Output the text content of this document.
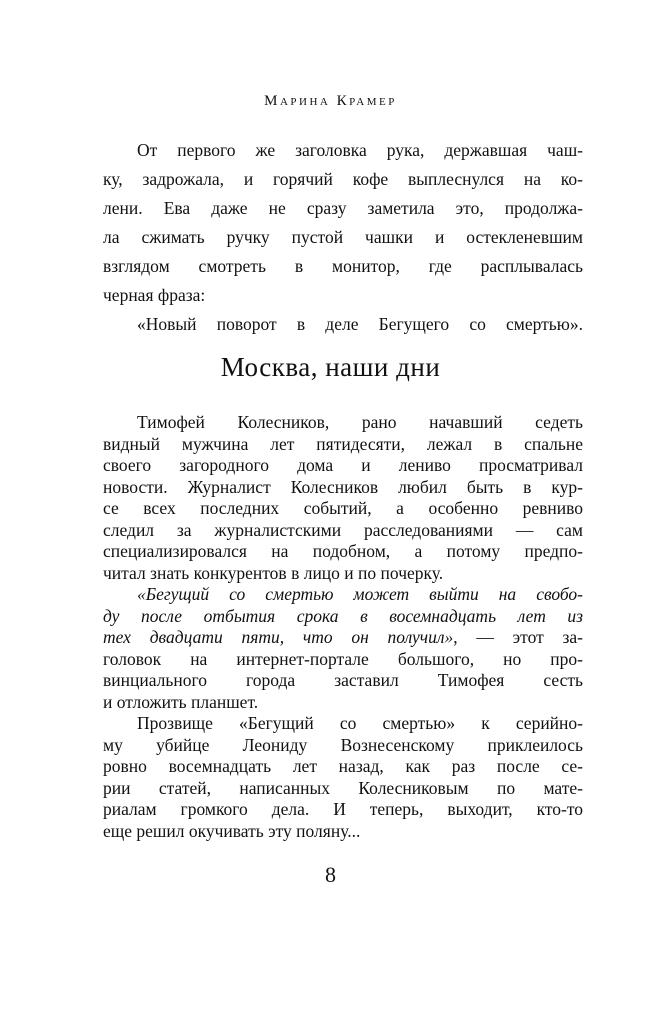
Марина Крамер
От первого же заголовка рука, державшая чаш-
ку, задрожала, и горячий кофе выплеснулся на ко-
лени. Ева даже не сразу заметила это, продолжа-
ла сжимать ручку пустой чашки и остекленевшим
взглядом смотреть в монитор, где расплывалась
черная фраза:
«Новый поворот в деле Бегущего со смертью».
Москва, наши дни
Тимофей Колесников, рано начавший седеть
видный мужчина лет пятидесяти, лежал в спальне
своего загородного дома и лениво просматривал
новости. Журналист Колесников любил быть в кур-
се всех последних событий, а особенно ревниво
следил за журналистскими расследованиями — сам
специализировался на подобном, а потому предпо-
читал знать конкурентов в лицо и по почерку.
«Бегущий со смертью может выйти на свобо-
ду после отбытия срока в восемнадцать лет из
тех двадцати пяти, что он получил», — этот за-
головок на интернет-портале большого, но про-
винциального города заставил Тимофея сесть
и отложить планшет.
Прозвище «Бегущий со смертью» к серийно-
му убийце Леониду Вознесенскому приклеилось
ровно восемнадцать лет назад, как раз после се-
рии статей, написанных Колесниковым по мате-
риалам громкого дела. И теперь, выходит, кто-то
еще решил окучивать эту поляну...
8
